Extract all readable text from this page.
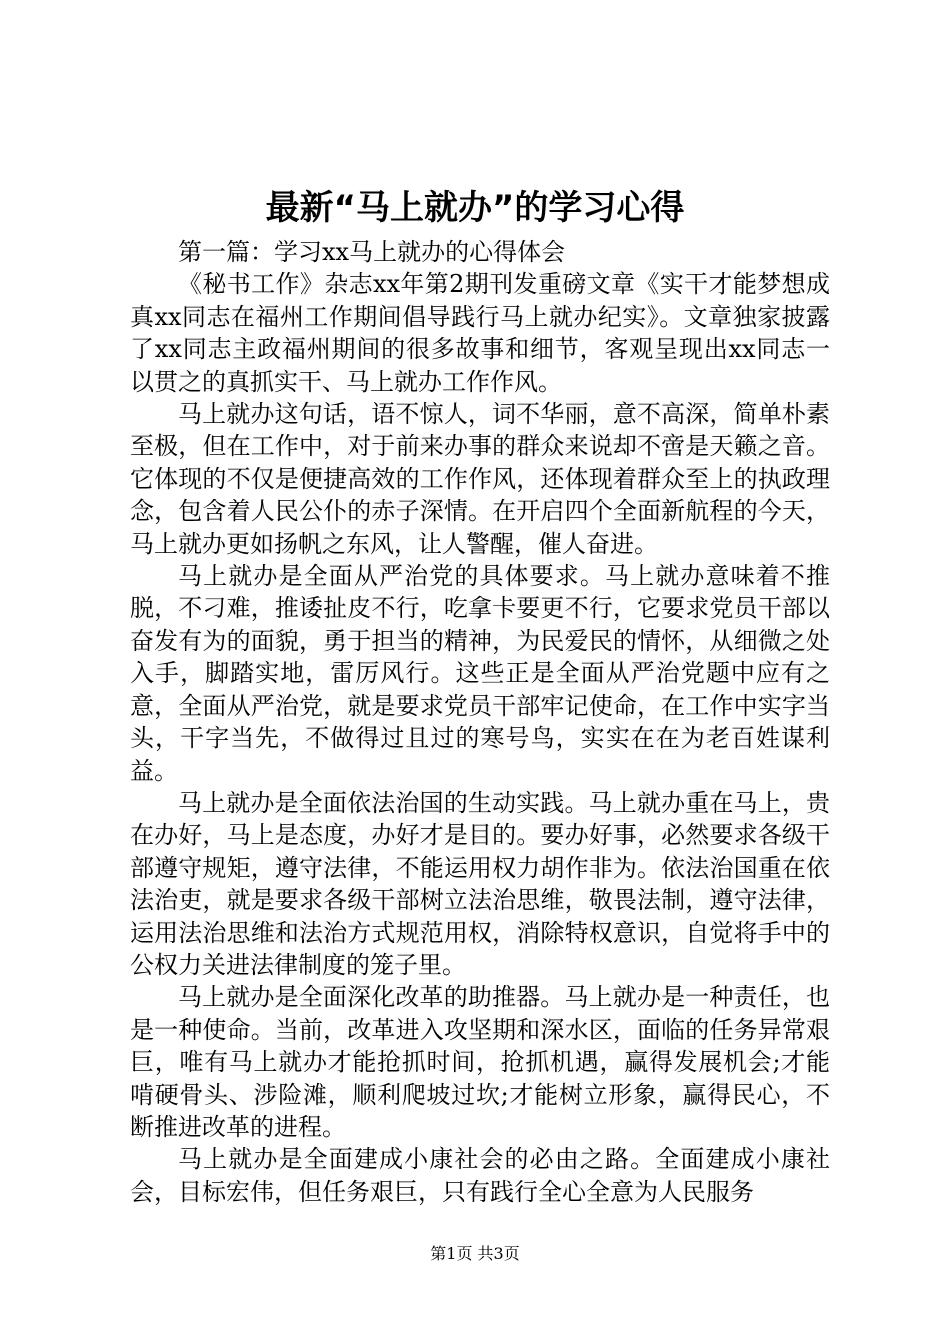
最新“马上就办”的学习心得

第一篇：学习xx马上就办的心得体会

《秘书工作》杂志xx年第2期刊发重磅文章《实干才能梦想成真xx同志在福州工作期间倡导践行马上就办纪实》。文章独家披露了xx同志主政福州期间的很多故事和细节，客观呈现出xx同志一以贯之的真抓实干、马上就办工作作风。

马上就办这句话，语不惊人，词不华丽，意不高深，简单朴素至极，但在工作中，对于前来办事的群众来说却不啻是天籁之音。它体现的不仅是便捷高效的工作作风，还体现着群众至上的执政理念，包含着人民公仆的赤子深情。在开启四个全面新航程的今天，马上就办更如扬帆之东风，让人警醒，催人奋进。

马上就办是全面从严治党的具体要求。马上就办意味着不推脱，不刁难，推诿扯皮不行，吃拿卡要更不行，它要求党员干部以奋发有为的面貌，勇于担当的精神，为民爱民的情怀，从细微之处入手，脚踏实地，雷厉风行。这些正是全面从严治党题中应有之意，全面从严治党，就是要求党员干部牢记使命，在工作中实字当头，干字当先，不做得过且过的寒号鸟，实实在在为老百姓谋利益。

马上就办是全面依法治国的生动实践。马上就办重在马上，贵在办好，马上是态度，办好才是目的。要办好事，必然要求各级干部遵守规矩，遵守法律，不能运用权力胡作非为。依法治国重在依法治吏，就是要求各级干部树立法治思维，敬畏法制，遵守法律，运用法治思维和法治方式规范用权，消除特权意识，自觉将手中的公权力关进法律制度的笼子里。

马上就办是全面深化改革的助推器。马上就办是一种责任，也是一种使命。当前，改革进入攻坚期和深水区，面临的任务异常艰巨，唯有马上就办才能抢抓时间，抢抓机遇，赢得发展机会;才能啃硬骨头、涉险滩，顺利爬坡过坎;才能树立形象，赢得民心，不断推进改革的进程。

马上就办是全面建成小康社会的必由之路。全面建成小康社会，目标宏伟，但任务艰巨，只有践行全心全意为人民服务

第1页 共3页
